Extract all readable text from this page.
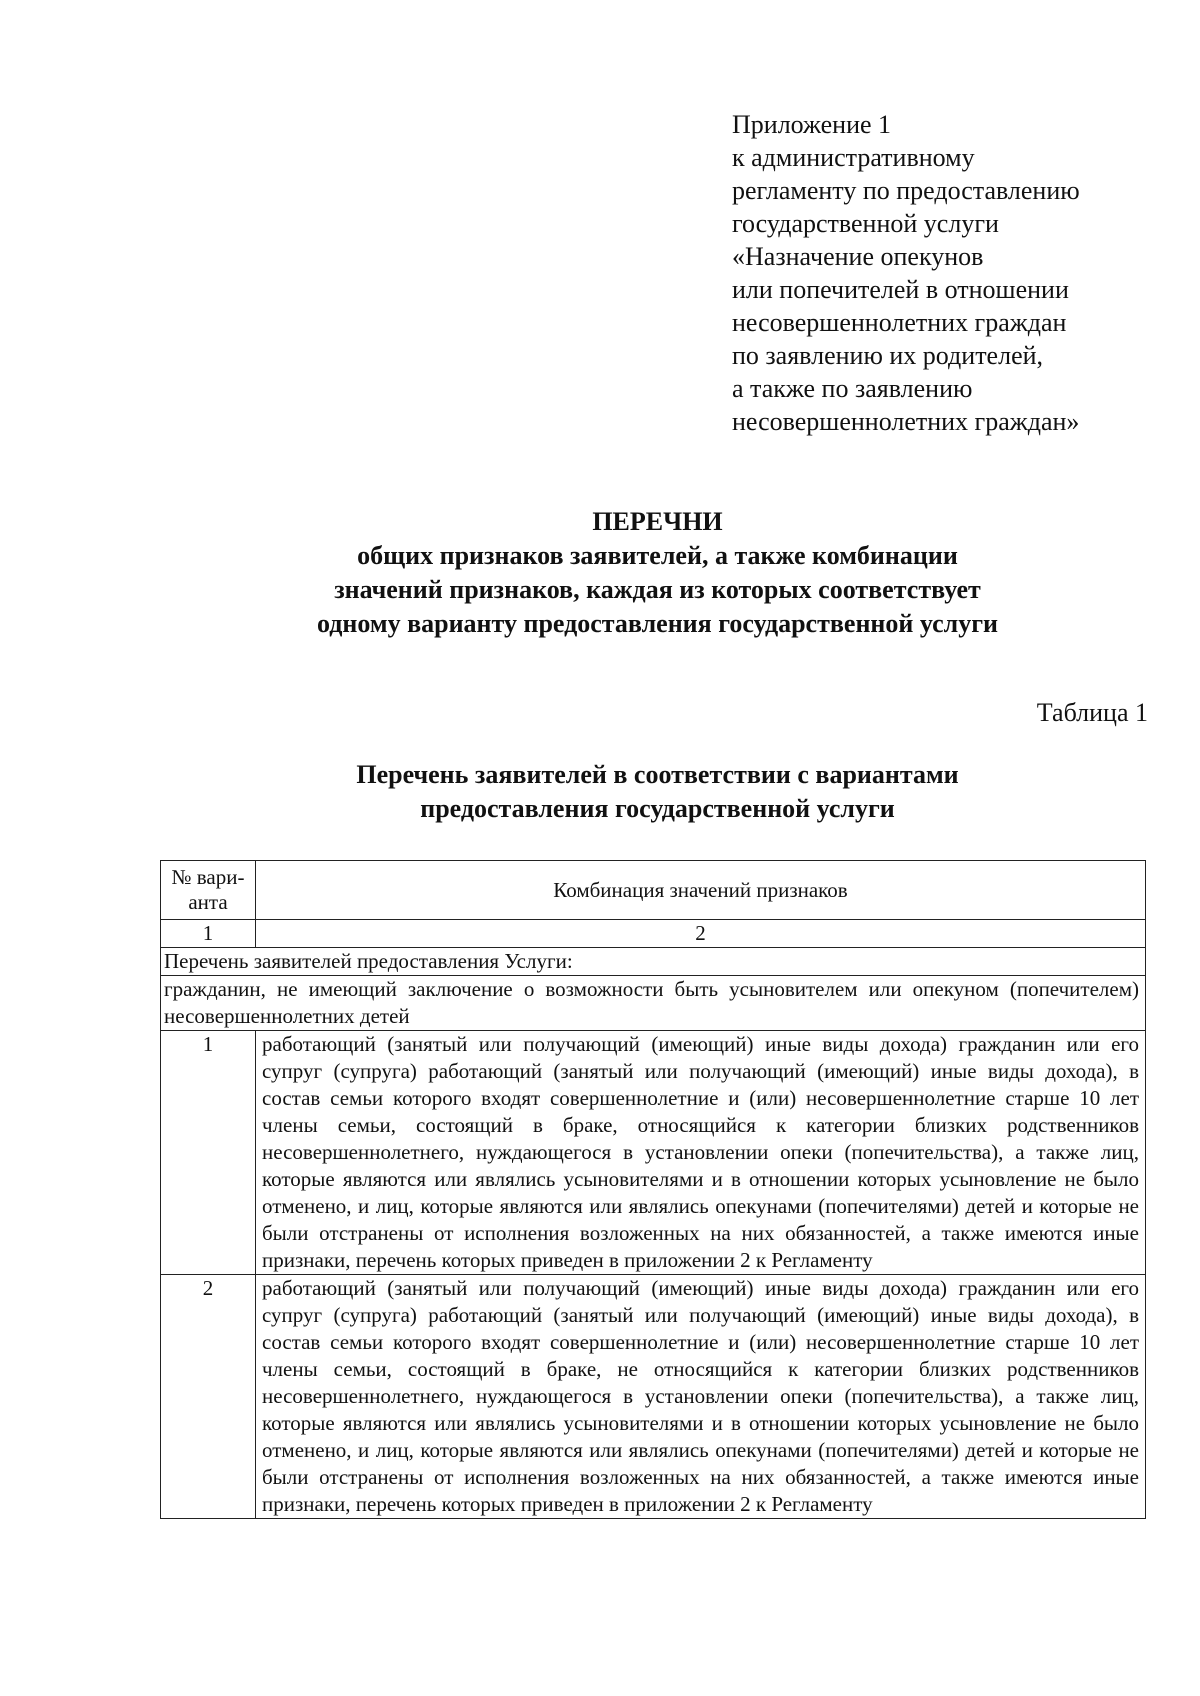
Приложение 1
к административному
регламенту по предоставлению
государственной услуги
«Назначение опекунов
или попечителей в отношении
несовершеннолетних граждан
по заявлению их родителей,
а также по заявлению
несовершеннолетних граждан»
ПЕРЕЧНИ
общих признаков заявителей, а также комбинации
значений признаков, каждая из которых соответствует
одному варианту предоставления государственной услуги
Таблица 1
Перечень заявителей в соответствии с вариантами
предоставления государственной услуги
№ вари-
анта	Комбинация значений признаков
1	2
Перечень заявителей предоставления Услуги:	
гражданин, не имеющий заключение о возможности быть усыновителем или опекуном (попечителем) несовершеннолетних детей	
1	работающий (занятый или получающий (имеющий) иные виды дохода) гражданин или его супруг (супруга) работающий (занятый или получающий (имеющий) иные виды дохода), в состав семьи которого входят совершеннолетние и (или) несовершеннолетние старше 10 лет члены семьи, состоящий в браке, относящийся к категории близких родственников несовершеннолетнего, нуждающегося в установлении опеки (попечительства), а также лиц, которые являются или являлись усыновителями и в отношении которых усыновление не было отменено, и лиц, которые являются или являлись опекунами (попечителями) детей и которые не были отстранены от исполнения возложенных на них обязанностей, а также имеются иные признаки, перечень которых приведен в приложении 2 к Регламенту
2	работающий (занятый или получающий (имеющий) иные виды дохода) гражданин или его супруг (супруга) работающий (занятый или получающий (имеющий) иные виды дохода), в состав семьи которого входят совершеннолетние и (или) несовершеннолетние старше 10 лет члены семьи, состоящий в браке, не относящийся к категории близких родственников несовершеннолетнего, нуждающегося в установлении опеки (попечительства), а также лиц, которые являются или являлись усыновителями и в отношении которых усыновление не было отменено, и лиц, которые являются или являлись опекунами (попечителями) детей и которые не были отстранены от исполнения возложенных на них обязанностей, а также имеются иные признаки, перечень которых приведен в приложении 2 к Регламенту
